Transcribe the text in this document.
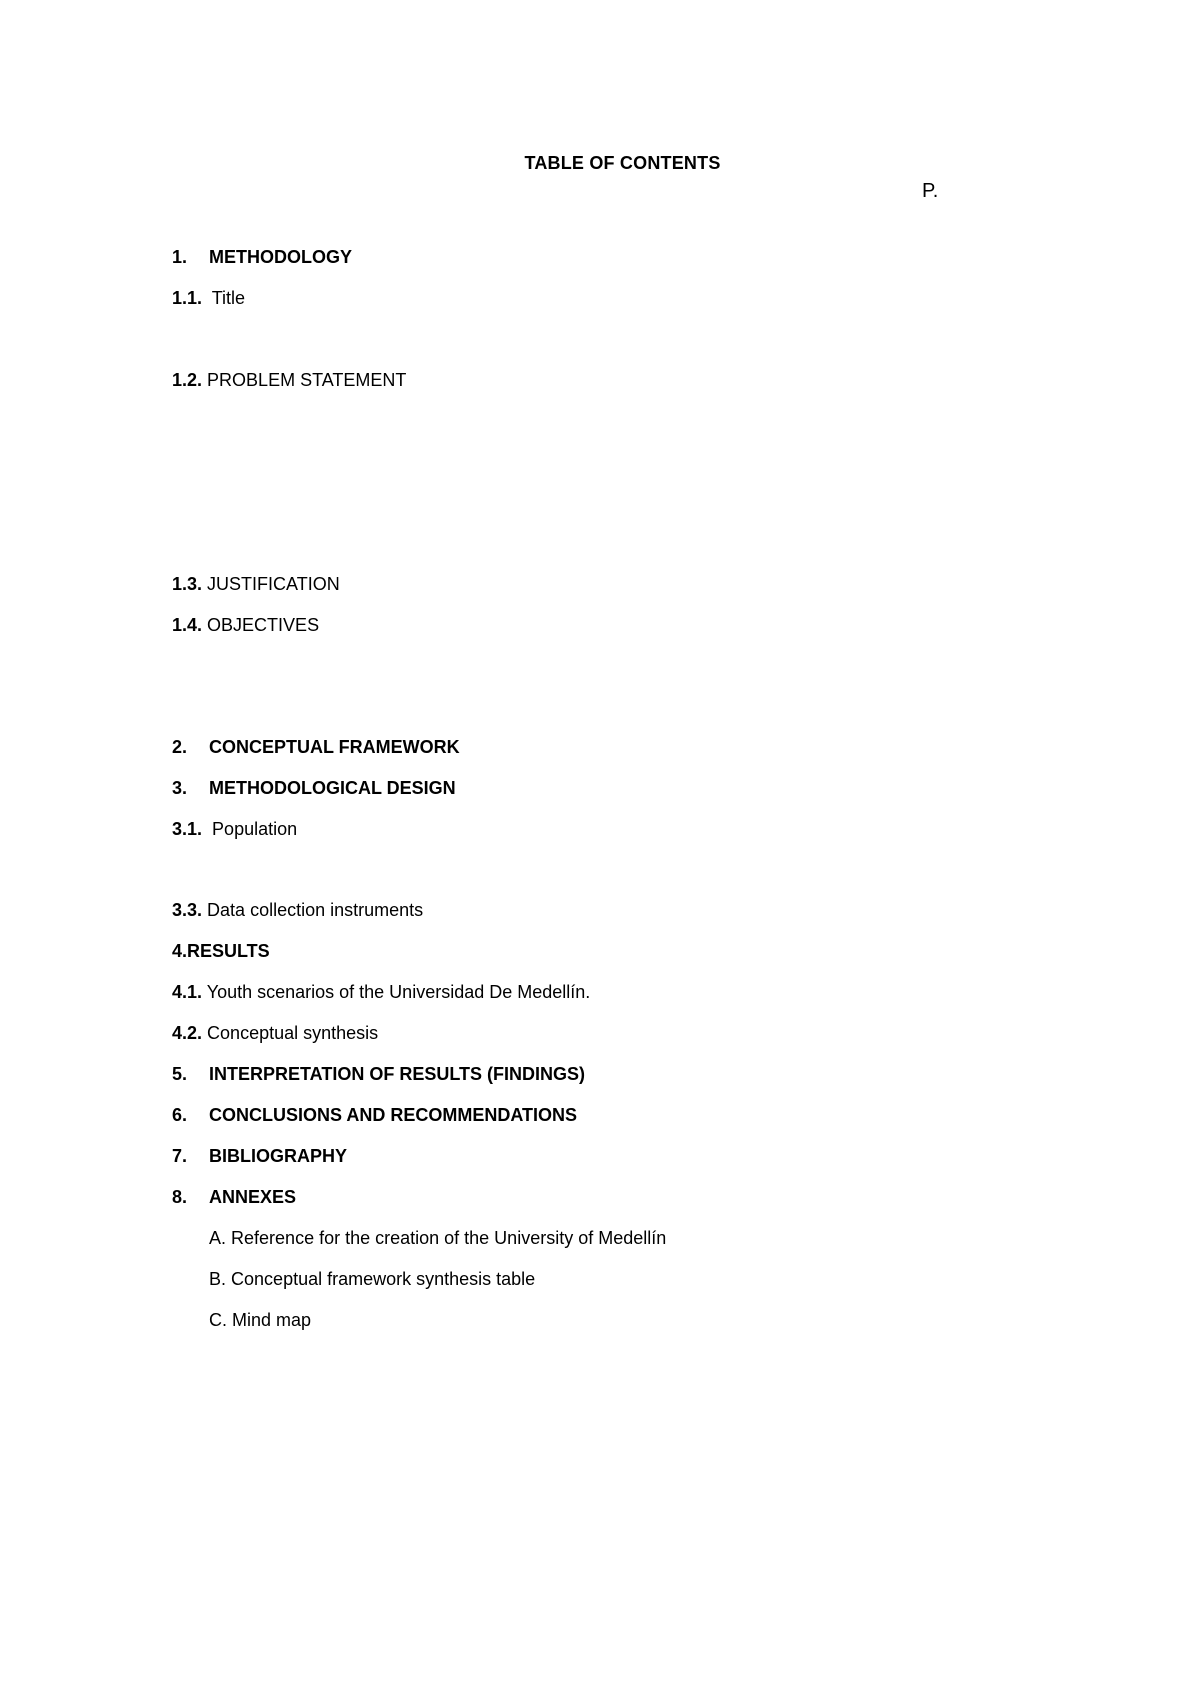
TABLE OF CONTENTS
P.
1. METHODOLOGY
1.1. Title
1.2. PROBLEM STATEMENT
1.3. JUSTIFICATION
1.4. OBJECTIVES
2. CONCEPTUAL FRAMEWORK
3. METHODOLOGICAL DESIGN
3.1. Population
3.3. Data collection instruments
4.RESULTS
4.1. Youth scenarios of the Universidad De Medellín.
4.2. Conceptual synthesis
5. INTERPRETATION OF RESULTS (FINDINGS)
6. CONCLUSIONS AND RECOMMENDATIONS
7. BIBLIOGRAPHY
8. ANNEXES
A. Reference for the creation of the University of Medellín
B. Conceptual framework synthesis table
C. Mind map
